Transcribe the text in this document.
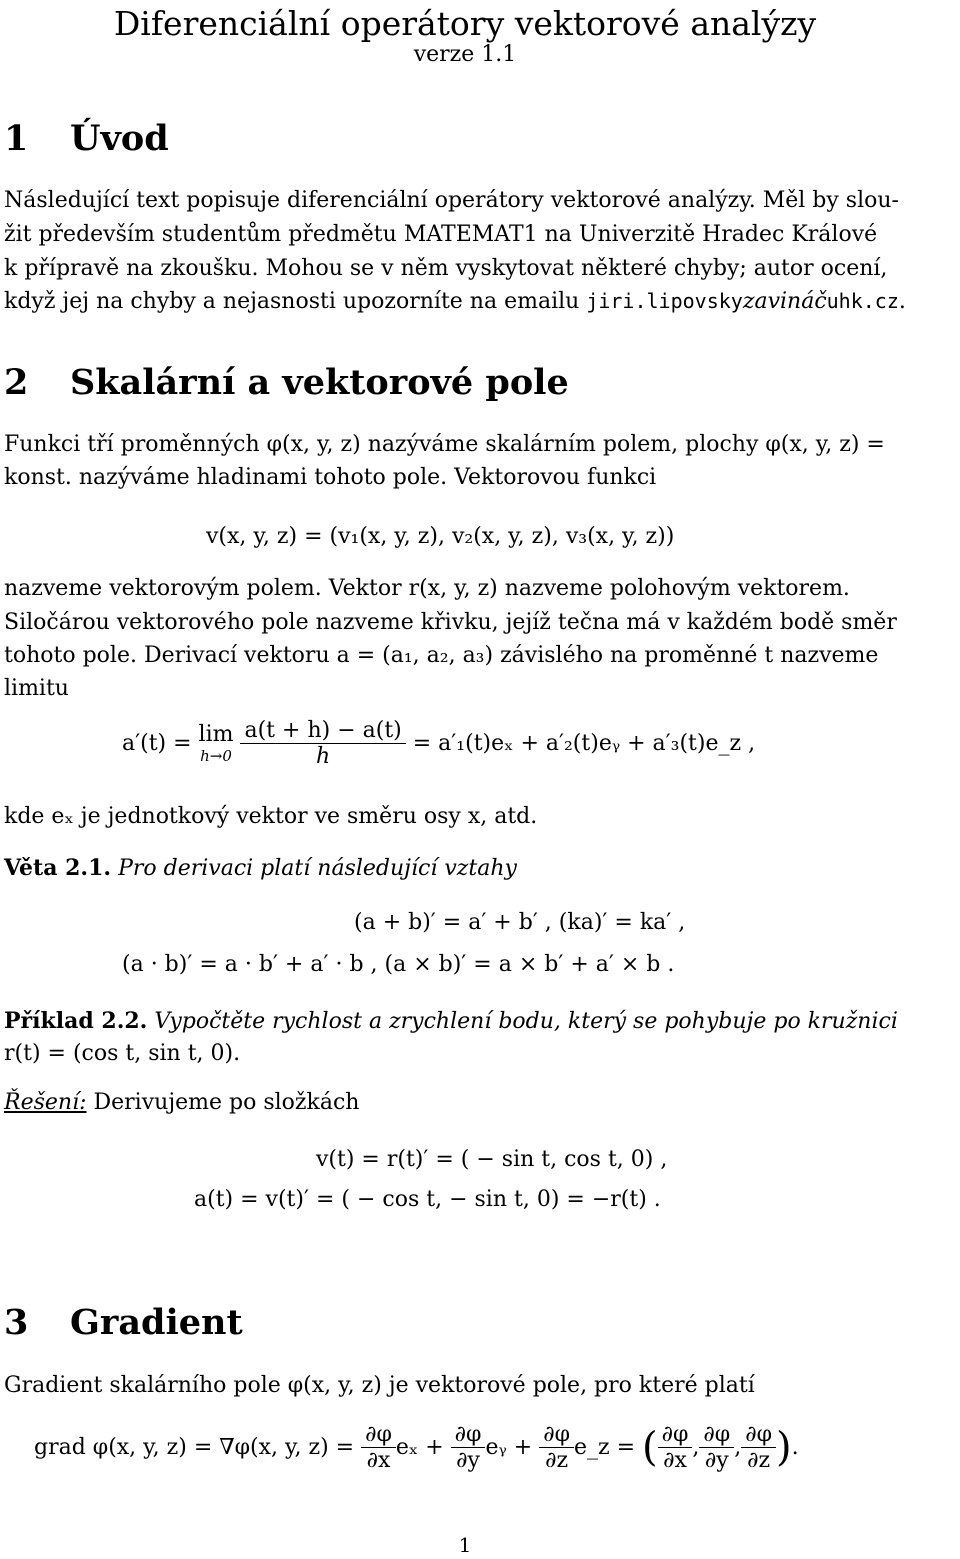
Diferenciální operátory vektorové analýzy
verze 1.1
1 Úvod
Následující text popisuje diferenciální operátory vektorové analýzy. Měl by slou-
žit především studentům předmětu MATEMAT1 na Univerzitě Hradec Králové
k přípravě na zkoušku. Mohou se v něm vyskytovat některé chyby; autor ocení,
když jej na chyby a nejasnosti upozorníte na emailu jiri.lipovskyzavináčuhk.cz.
2 Skalární a vektorové pole
Funkci tří proměnných φ(x, y, z) nazýváme skalárním polem, plochy φ(x, y, z) =
konst. nazýváme hladinami tohoto pole. Vektorovou funkci
v(x, y, z) = (v₁(x, y, z), v₂(x, y, z), v₃(x, y, z))
nazveme vektorovým polem. Vektor r(x, y, z) nazveme polohovým vektorem.
Siločárou vektorového pole nazveme křivku, jejíž tečna má v každém bodě směr
tohoto pole. Derivací vektoru a = (a₁, a₂, a₃) závislého na proměnné t nazveme
limitu
a′(t) = lim
h→0
$\frac{a(t + h) - a(t)}{h} = a'_1(t)e_x$ + a′₂(t)eᵧ + a′₃(t)e_z ,
kde eₓ je jednotkový vektor ve směru osy x, atd.
Věta 2.1. Pro derivaci platí následující vztahy
(a + b)′ = a′ + b′ , (ka)′ = ka′ ,
(a · b)′ = a · b′ + a′ · b , (a × b)′ = a × b′ + a′ × b .
Příklad 2.2. Vypočtěte rychlost a zrychlení bodu, který se pohybuje po kružnici
r(t) = (cos t, sin t, 0).
Řešení: Derivujeme po složkách
v(t) = r(t)′ = ( − sin t, cos t, 0) ,
a(t) = v(t)′ = ( − cos t, − sin t, 0) = −r(t) .
3 Gradient
Gradient skalárního pole φ(x, y, z) je vektorové pole, pro které platí
grad φ(x, y, z) = ∇φ(x, y, $z) = \frac{\partial\varphi}{\partial x}$ $e_x + \frac{\partial\varphi}{\partial y}$ eᵧ + $\frac{\partial\varphi}{\partial z}$ e_z = ( $\frac{\partial\varphi}{\partial x}$ , $\frac{\partial\varphi}{\partial y}$ , $\frac{\partial\varphi}{\partial z}$ ).
1
